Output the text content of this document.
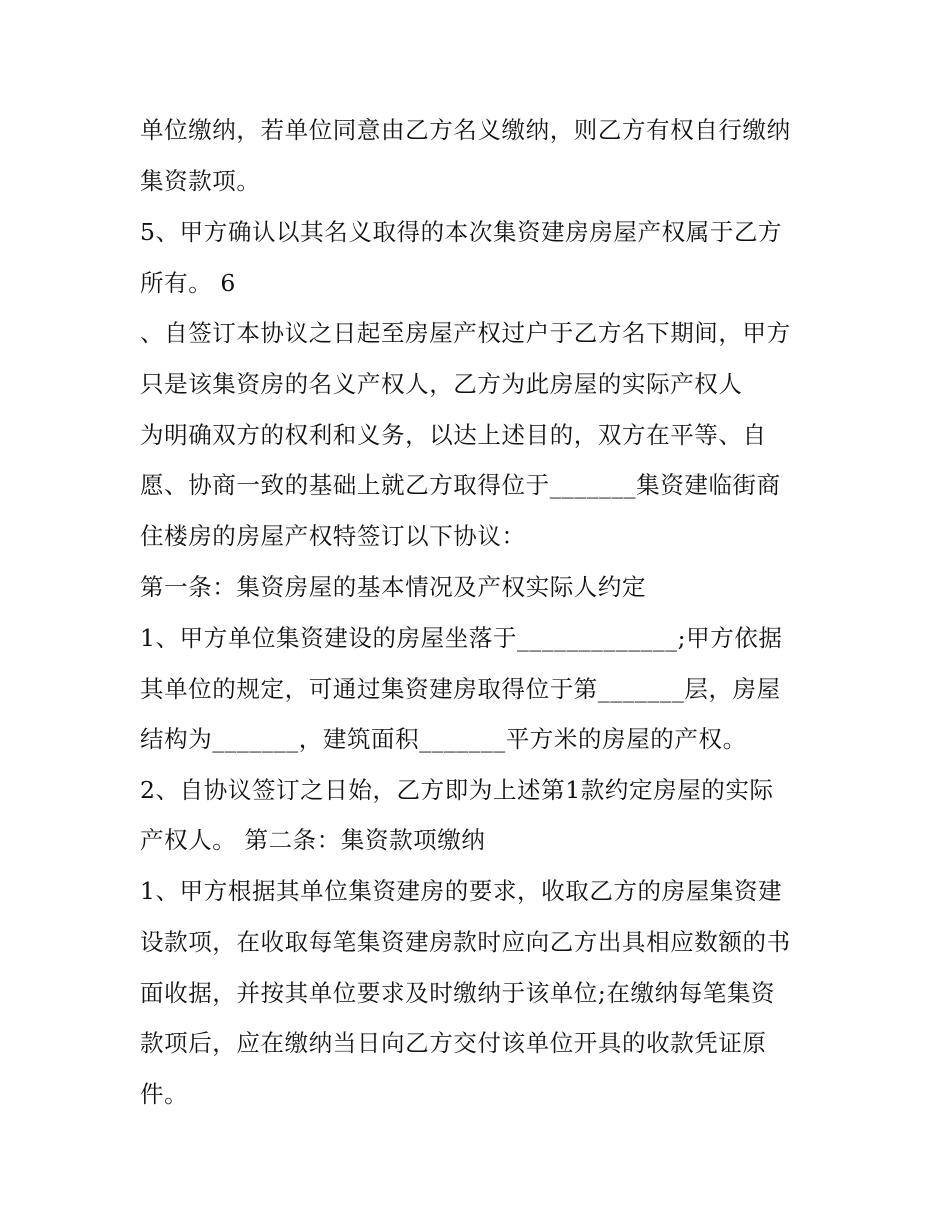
单位缴纳，若单位同意由乙方名义缴纳，则乙方有权自行缴纳

集资款项。

5、甲方确认以其名义取得的本次集资建房房屋产权属于乙方

所有。 6

、自签订本协议之日起至房屋产权过户于乙方名下期间，甲方

只是该集资房的名义产权人，乙方为此房屋的实际产权人

为明确双方的权利和义务，以达上述目的，双方在平等、自

愿、协商一致的基础上就乙方取得位于_______集资建临街商

住楼房的房屋产权特签订以下协议：

第一条：集资房屋的基本情况及产权实际人约定

1、甲方单位集资建设的房屋坐落于_____________;甲方依据

其单位的规定，可通过集资建房取得位于第_______层，房屋

结构为_______，建筑面积_______平方米的房屋的产权。

2、自协议签订之日始，乙方即为上述第1款约定房屋的实际

产权人。 第二条：集资款项缴纳

1、甲方根据其单位集资建房的要求，收取乙方的房屋集资建

设款项，在收取每笔集资建房款时应向乙方出具相应数额的书

面收据，并按其单位要求及时缴纳于该单位;在缴纳每笔集资

款项后，应在缴纳当日向乙方交付该单位开具的收款凭证原

件。
